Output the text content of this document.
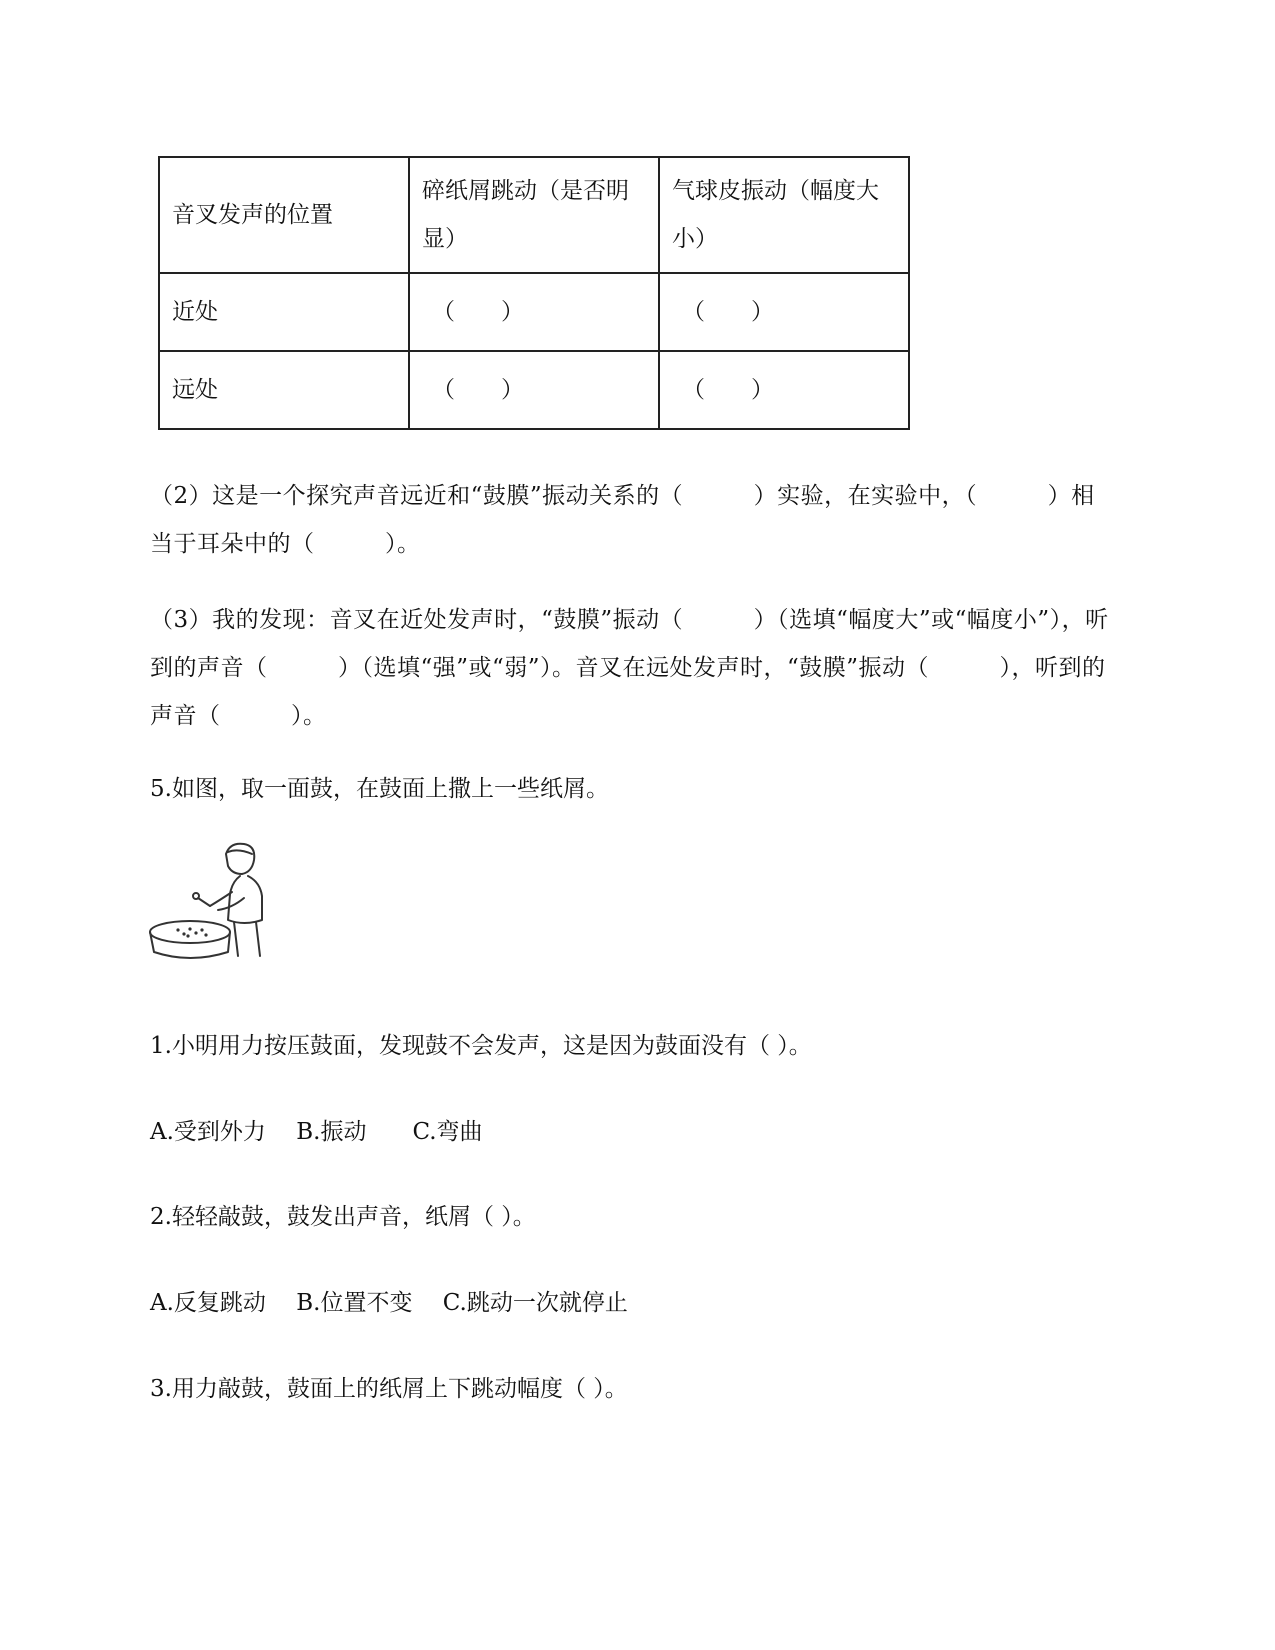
音叉发声的位置	碎纸屑跳动（是否明显）	气球皮振动（幅度大小）
近处	（　　）	（　　）
远处	（　　）	（　　）
（2）这是一个探究声音远近和“鼓膜”振动关系的（　　　）实验，在实验中，（　　　）相当于耳朵中的（　　　）。
（3）我的发现：音叉在近处发声时，“鼓膜”振动（　　　）（选填“幅度大”或“幅度小”），听到的声音（　　　）（选填“强”或“弱”）。音叉在远处发声时，“鼓膜”振动（　　　），听到的声音（　　　）。
5.如图，取一面鼓，在鼓面上撒上一些纸屑。
1.小明用力按压鼓面，发现鼓不会发声，这是因为鼓面没有（ ）。
A.受到外力　 B.振动　　C.弯曲
2.轻轻敲鼓，鼓发出声音，纸屑（ ）。
A.反复跳动　 B.位置不变　 C.跳动一次就停止
3.用力敲鼓，鼓面上的纸屑上下跳动幅度（ ）。
